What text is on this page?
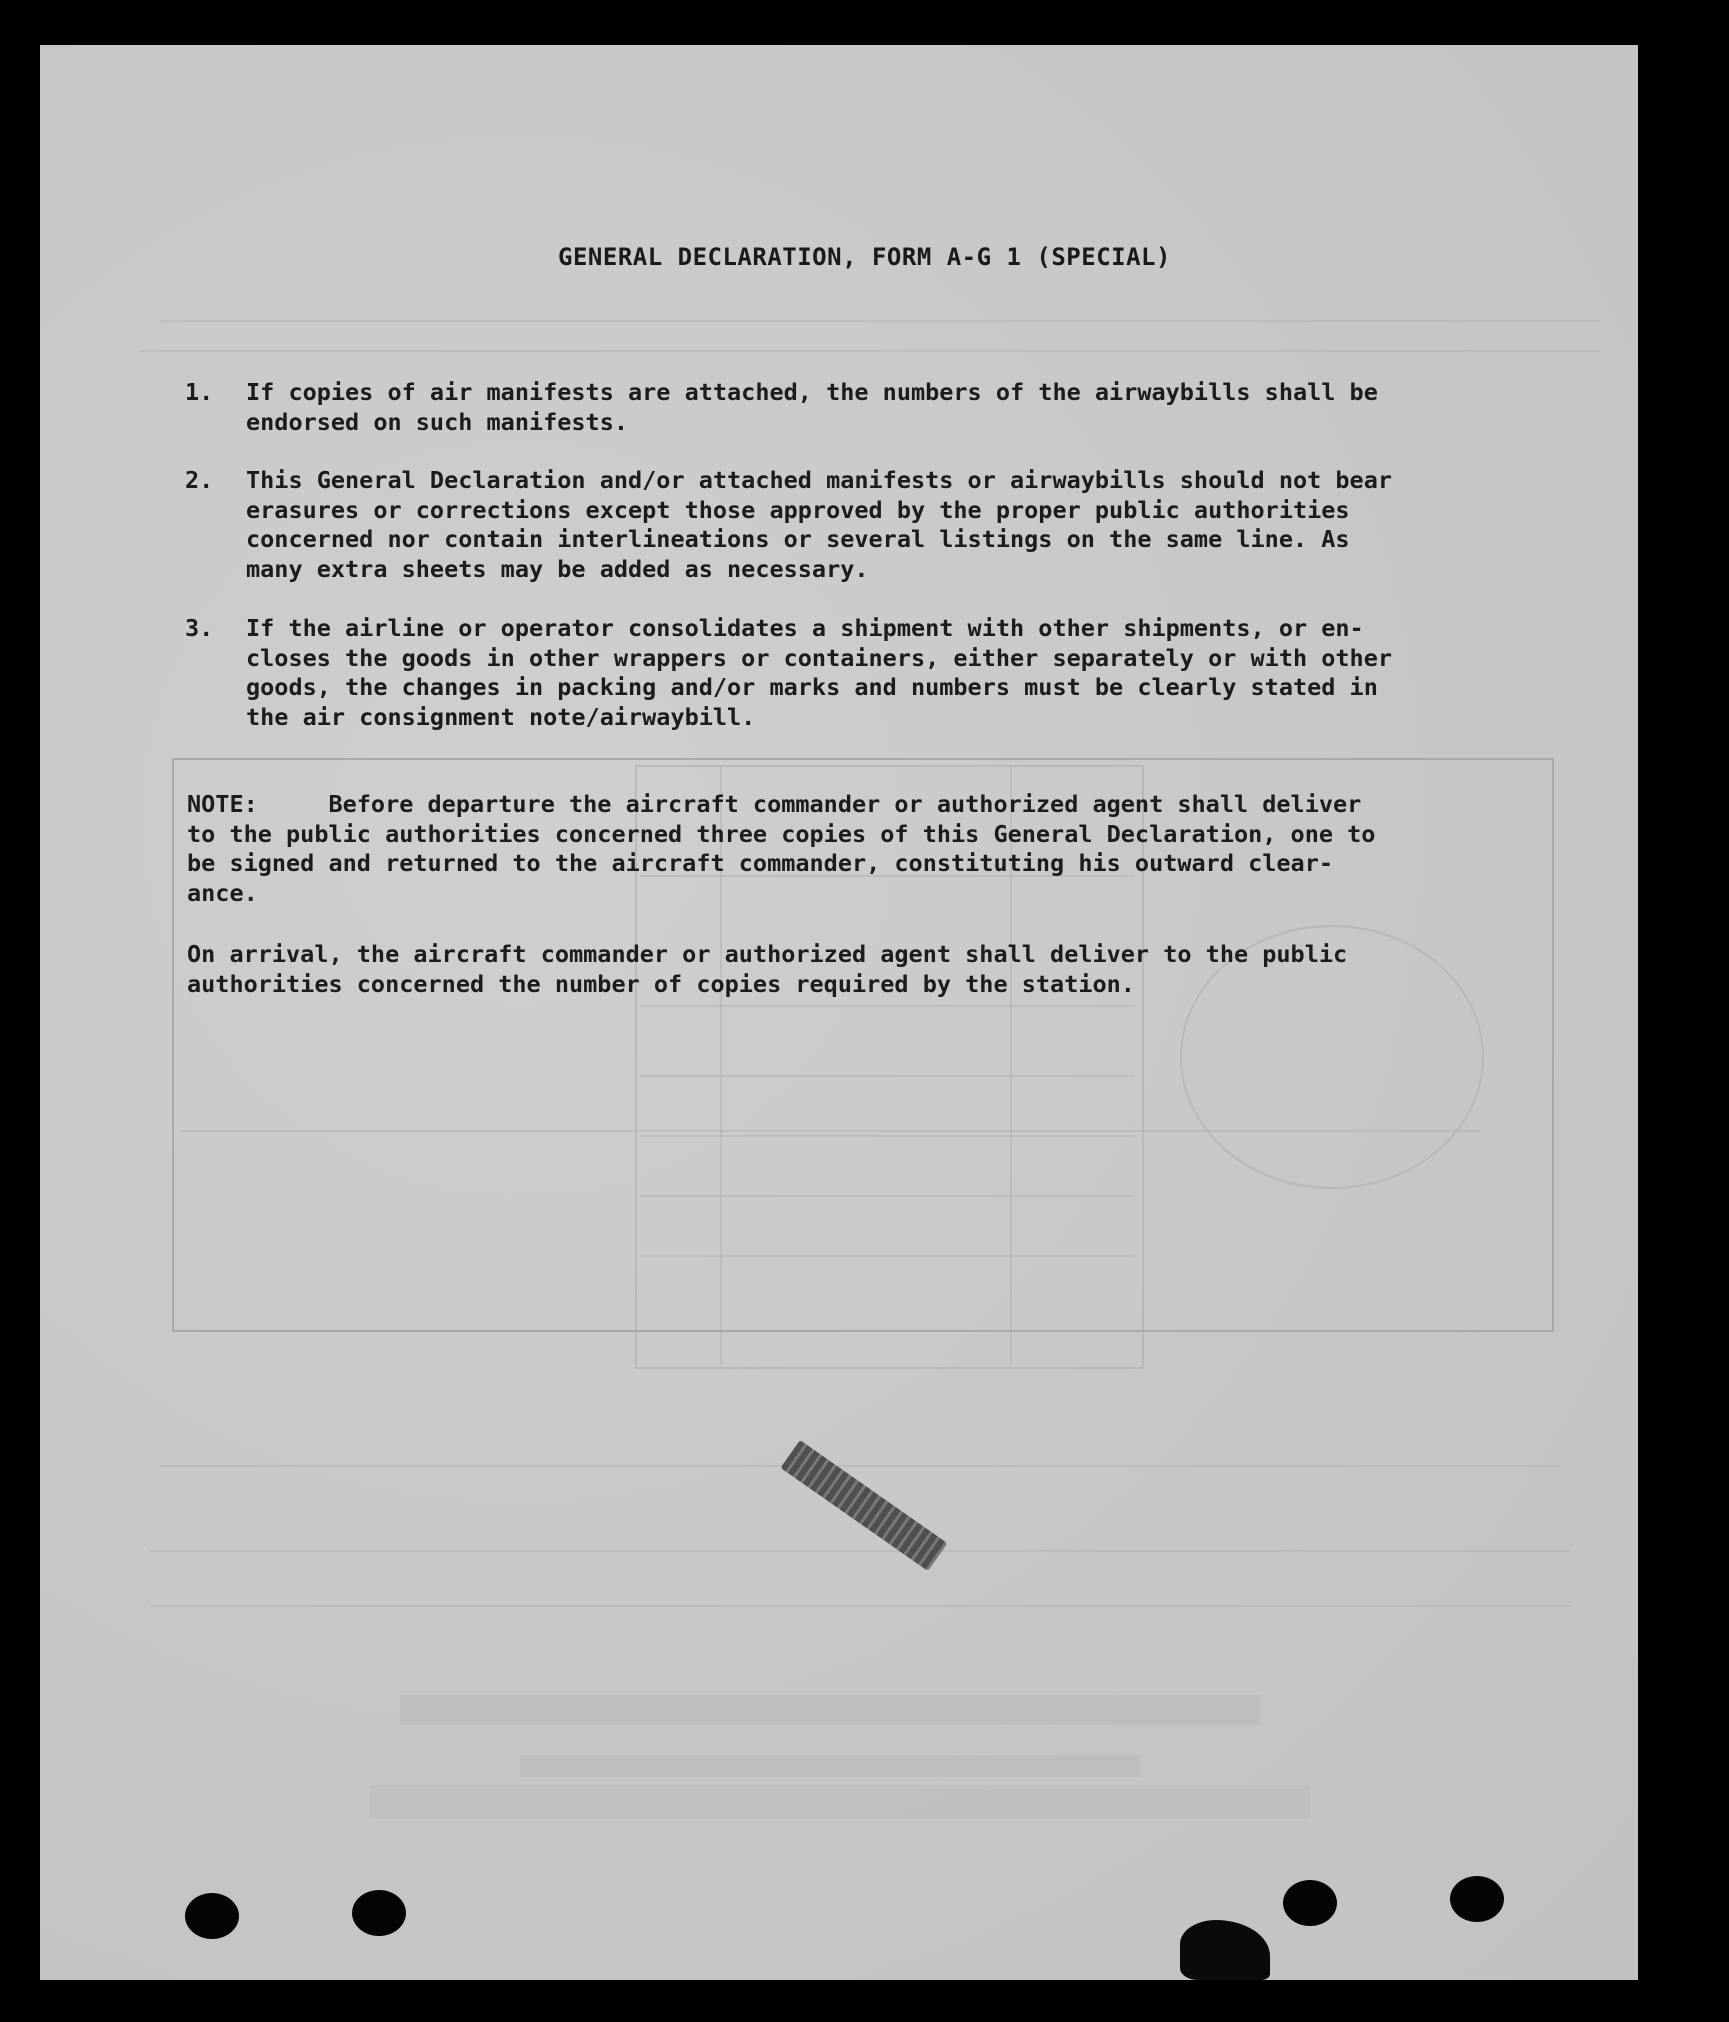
GENERAL DECLARATION, FORM A-G 1 (SPECIAL)
1. If copies of air manifests are attached, the numbers of the airwaybills shall be

endorsed on such manifests.

2. This General Declaration and/or attached manifests or airwaybills should not bear

erasures or corrections except those approved by the proper public authorities

concerned nor contain interlineations or several listings on the same line. As

many extra sheets may be added as necessary.

3. If the airline or operator consolidates a shipment with other shipments, or en-

closes the goods in other wrappers or containers, either separately or with other

goods, the changes in packing and/or marks and numbers must be clearly stated in

the air consignment note/airwaybill.

NOTE:     Before departure the aircraft commander or authorized agent shall deliver
to the public authorities concerned three copies of this General Declaration, one to
be signed and returned to the aircraft commander, constituting his outward clear-
ance.
On arrival, the aircraft commander or authorized agent shall deliver to the public
authorities concerned the number of copies required by the station.
